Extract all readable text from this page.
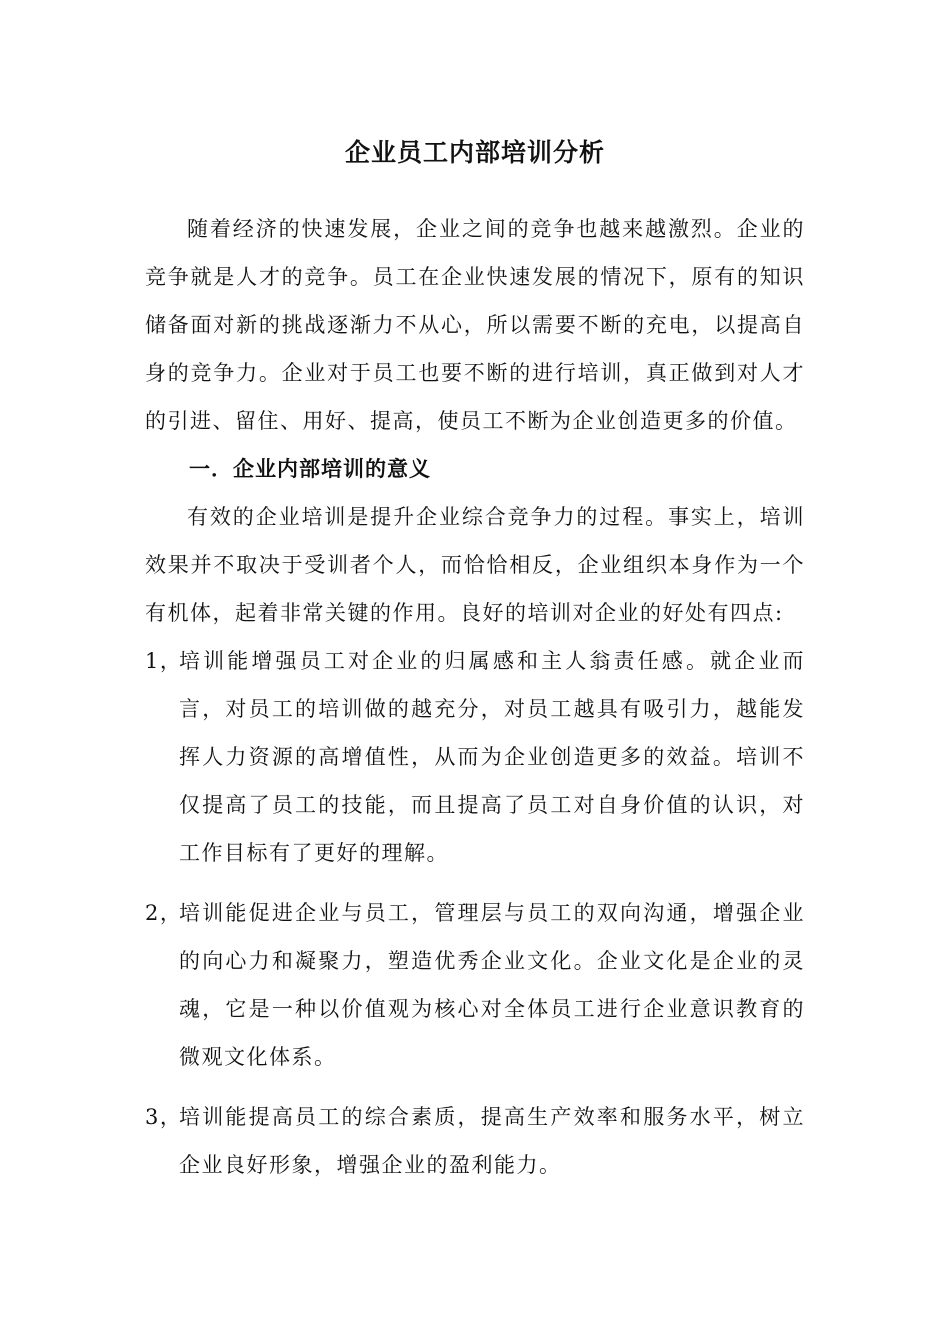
企业员工内部培训分析

随着经济的快速发展，企业之间的竞争也越来越激烈。企业的竞争就是人才的竞争。员工在企业快速发展的情况下，原有的知识储备面对新的挑战逐渐力不从心，所以需要不断的充电，以提高自身的竞争力。企业对于员工也要不断的进行培训，真正做到对人才的引进、留住、用好、提高，使员工不断为企业创造更多的价值。

一．企业内部培训的意义

有效的企业培训是提升企业综合竞争力的过程。事实上，培训效果并不取决于受训者个人，而恰恰相反，企业组织本身作为一个有机体，起着非常关键的作用。良好的培训对企业的好处有四点:

1，
培训能增强员工对企业的归属感和主人翁责任感。就企业而言，对员工的培训做的越充分，对员工越具有吸引力，越能发挥人力资源的高增值性，从而为企业创造更多的效益。培训不仅提高了员工的技能，而且提高了员工对自身价值的认识，对工作目标有了更好的理解。
2，
培训能促进企业与员工，管理层与员工的双向沟通，增强企业的向心力和凝聚力，塑造优秀企业文化。企业文化是企业的灵魂，它是一种以价值观为核心对全体员工进行企业意识教育的微观文化体系。
3，
培训能提高员工的综合素质，提高生产效率和服务水平，树立企业良好形象，增强企业的盈利能力。
